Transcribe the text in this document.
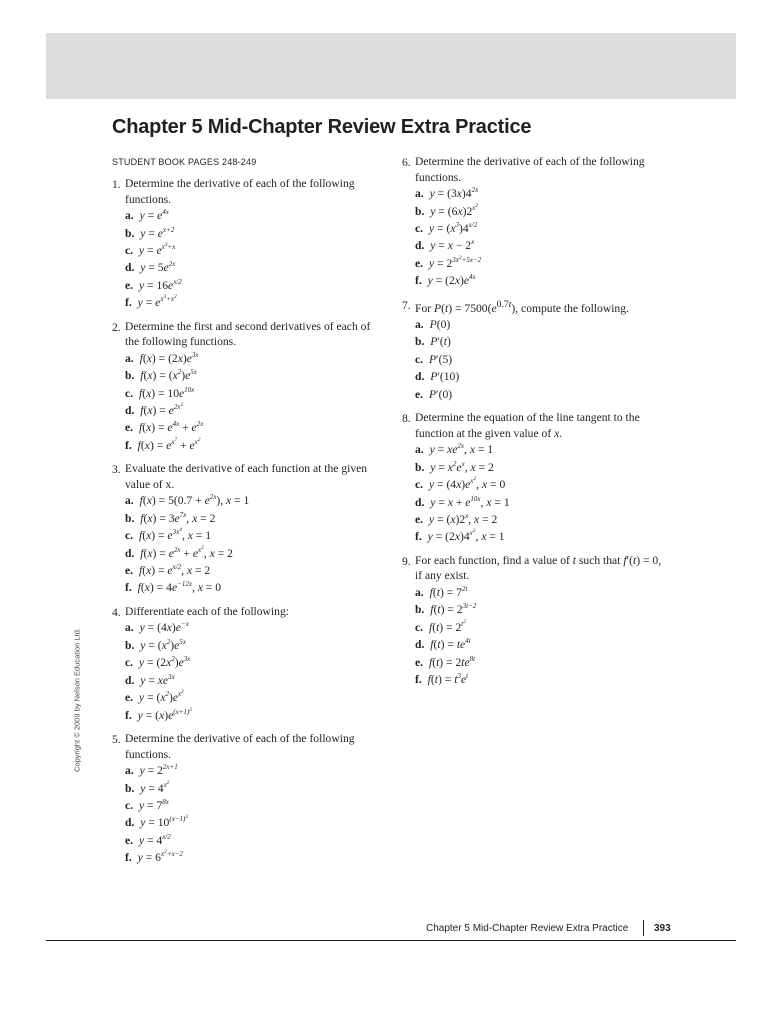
Chapter 5 Mid-Chapter Review Extra Practice
STUDENT BOOK PAGES 248-249
1. Determine the derivative of each of the following functions.
a. $y = e^{4x}$
b. $y = e^{x+2}$
c. $y = e^{x^3+x}$
d. $y = 5e^{2x}$
e. $y = 16e^{x/2}$
f. $y = e^{x^3+x^2}$
2. Determine the first and second derivatives of each of the following functions.
a. $f(x) = (2x)e^{3x}$
b. $f(x) = (x^2)e^{5x}$
c. $f(x) = 10e^{10x}$
d. $f(x) = e^{2x^2}$
e. $f(x) = e^{4x} + e^{2x}$
f. $f(x) = e^{x^7} + e^{x^2}$
3. Evaluate the derivative of each function at the given value of x.
a. $f(x) = 5(0.7 + e^{2x})$, x = 1
b. $f(x) = 3e^{7x}$, x = 2
c. $f(x) = e^{3x^4}$, x = 1
d. $f(x) = e^{2x} + e^{x^2}$, x = 2
e. $f(x) = e^{x/2}$, x = 2
f. $f(x) = 4e^{-12x}$, x = 0
4. Differentiate each of the following:
a. $y = (4x)e^{-x}$
b. $y = (x^2)e^{5x}$
c. $y = (2x^2)e^{3x}$
d. $y = xe^{3x}$
e. $y = (x^2)e^{x^2}$
f. $y = (x)e^{(x+1)^2}$
5. Determine the derivative of each of the following functions.
a. $y = 2^{2x+1}$
b. $y = 4^{x^2}$
c. $y = 7^{8x}$
d. $y = 10^{(x-1)^2}$
e. $y = 4^{x/2}$
f. $y = 6^{x^2+x-2}$
6. Determine the derivative of each of the following functions.
a. $y = (3x)4^{2x}$
b. $y = (6x)2^{x^2}$
c. $y = (x^3)4^{x/2}$
d. $y = x - 2^x$
e. $y = 2^{3x^2+5x-2}$
f. $y = (2x)e^{4x}$
7. For $P(t) = 7500(e^{0.7t})$, compute the following.
a. P(0)
b. P′(t)
c. P′(5)
d. P′(10)
e. P′(0)
8. Determine the equation of the line tangent to the function at the given value of x.
a. $y = xe^{2x}$, x = 1
b. $y = x^2e^x$, x = 2
c. $y = (4x)e^{x^2}$, x = 0
d. $y = x + e^{10x}$, x = 1
e. $y = (x)2^x$, x = 2
f. $y = (2x)4^{x^2}$, x = 1
9. For each function, find a value of t such that f′(t) = 0, if any exist.
a. $f(t) = 7^{2t}$
b. $f(t) = 2^{3t-2}$
c. $f(t) = 2^{t^2}$
d. $f(t) = te^{4t}$
e. $f(t) = 2te^{8t}$
f. $f(t) = t^3e^t$
Copyright © 2009 by Nelson Education Ltd.
Chapter 5 Mid-Chapter Review Extra Practice	393
